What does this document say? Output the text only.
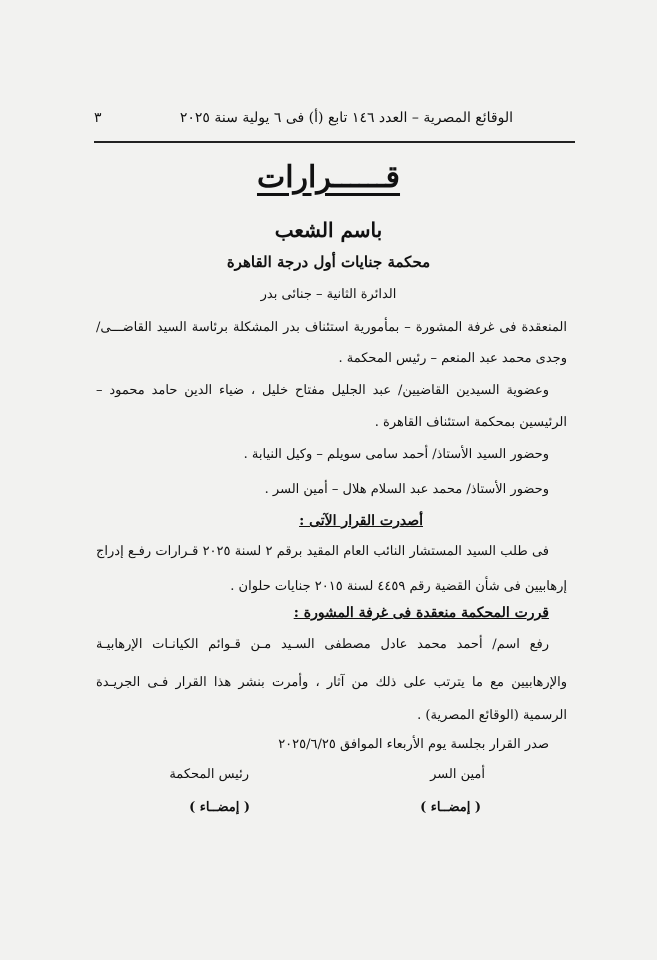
الوقائع المصرية – العدد ١٤٦ تابع (أ) فى ٦ يولية سنة ٢٠٢٥
٣
قــــــرارات
باسم الشعب
محكمة جنايات أول درجة القاهرة
الدائرة الثانية – جنائى بدر
المنعقدة فى غرفة المشورة – بمأمورية استئناف بدر المشكلة برئاسة السيد القاضـــى/
وجدى محمد عبد المنعم – رئيس المحكمة .
وعضوية السيدين القاضيين/ عبد الجليل مفتاح خليل ، ضياء الدين حامد محمود –
الرئيسين بمحكمة استئناف القاهرة .
وحضور السيد الأستاذ/ أحمد سامى سويلم – وكيل النيابة .
وحضور الأستاذ/ محمد عبد السلام هلال – أمين السر .
أصدرت القرار الآتى :
فى طلب السيد المستشار النائب العام المقيد برقم ٢ لسنة ٢٠٢٥ قـرارات رفـع إدراج
إرهابيين فى شأن القضية رقم ٤٤٥٩ لسنة ٢٠١٥ جنايات حلوان .
قررت المحكمة منعقدة فى غرفة المشورة :
رفع اسم/ أحمد محمد عادل مصطفى السـيد مـن قـوائم الكيانـات الإرهابيـة
والإرهابيين مع ما يترتب على ذلك من آثار ، وأمرت بنشر هذا القرار فـى الجريـدة
الرسمية (الوقائع المصرية) .
صدر القرار بجلسة يوم الأربعاء الموافق ٢٠٢٥/٦/٢٥
أمين السر
رئيس المحكمة
( إمضــاء )
( إمضــاء )
